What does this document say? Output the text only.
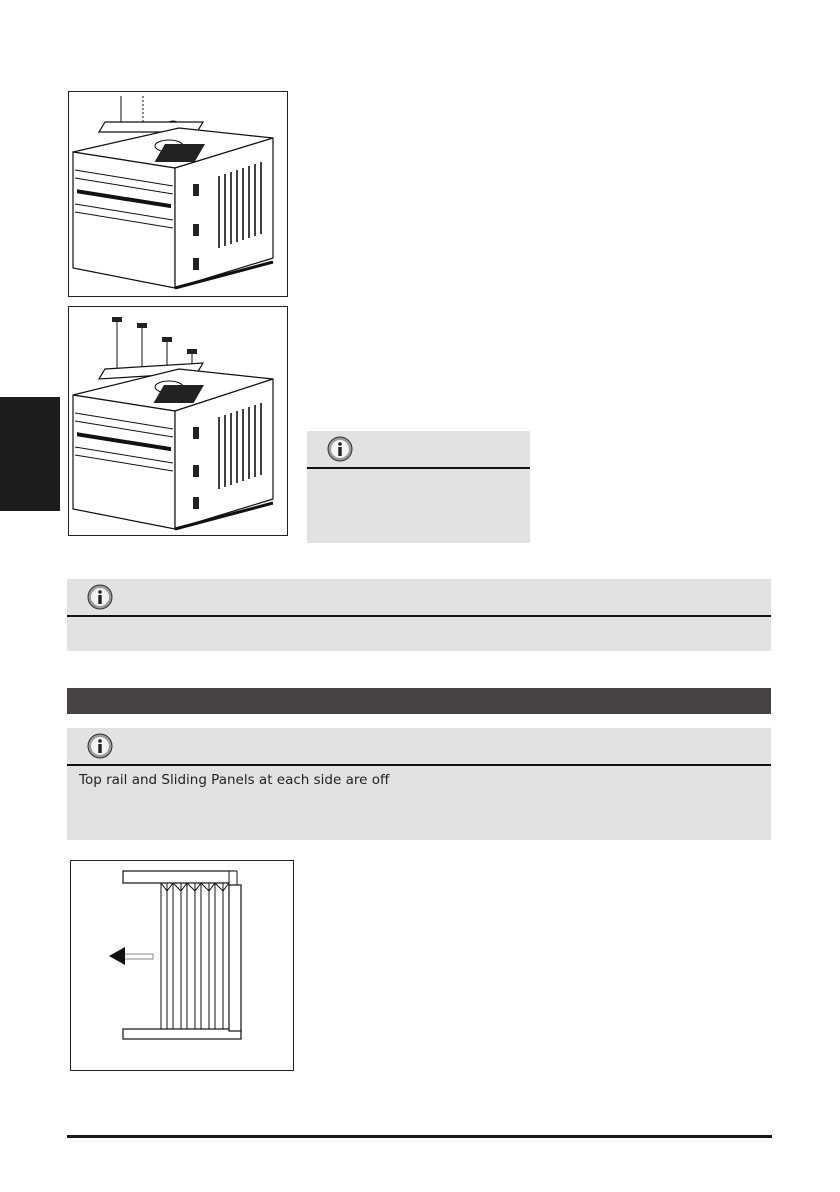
Top rail and Sliding Panels at each side are off
